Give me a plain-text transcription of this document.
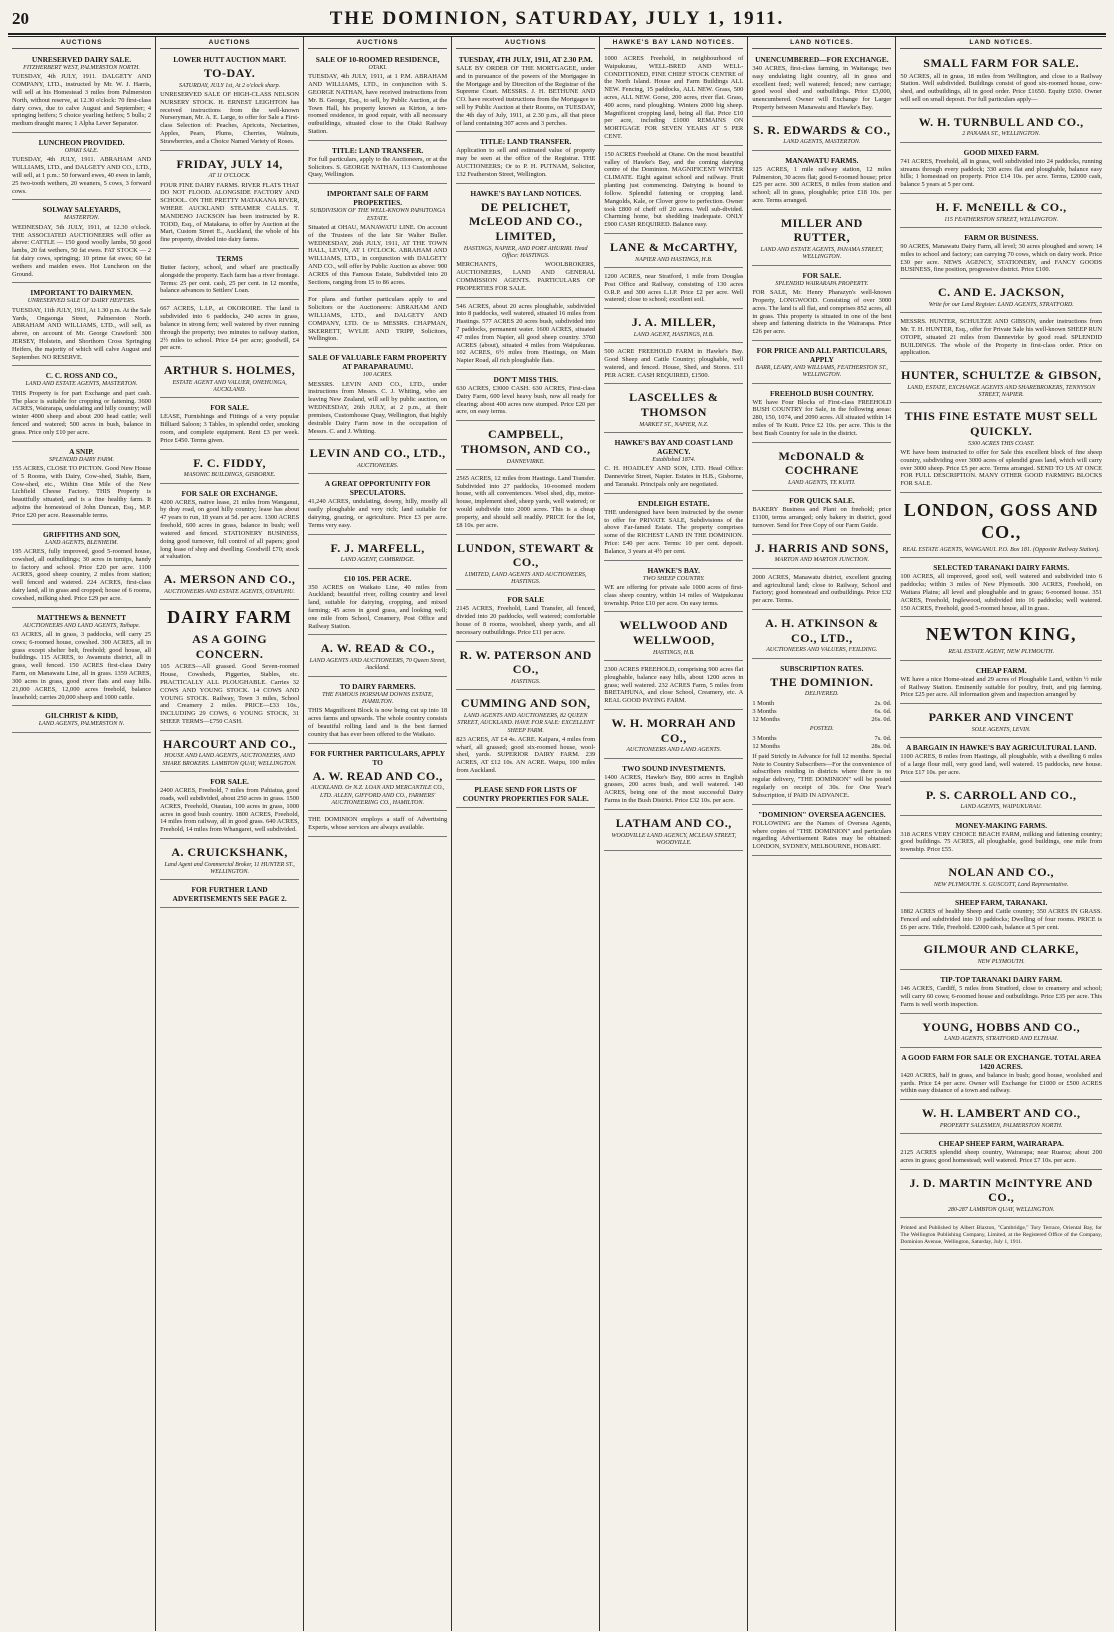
20	THE DOMINION, SATURDAY, JULY 1, 1911.
AUCTIONS
UNRESERVED DAIRY SALE.
FITZHERBERT WEST, PALMERSTON NORTH.

TUESDAY, 4th JULY, 1911. DALGETY AND COMPANY, LTD., instructed by Mr. W. J. Harris, will sell at his Homestead 3 miles from Palmerston North, without reserve, at 12.30 o'clock: 70 first-class dairy cows, due to calve August and September; 4 springing heifers; 5 choice yearling heifers; 5 bulls; 2 medium draught mares; 1 Alpha Lever Separator.

LUNCHEON PROVIDED.
OPAKI SALE.

TUESDAY, 4th JULY, 1911. ABRAHAM AND WILLIAMS, LTD., and DALGETY AND CO., LTD., will sell, at 1 p.m.: 50 forward ewes, 40 ewes in lamb, 25 two-tooth wethers, 20 weaners, 5 cows, 3 forward cows.

SOLWAY SALEYARDS,
MASTERTON.

WEDNESDAY, 5th JULY, 1911, at 12.30 o'clock. THE ASSOCIATED AUCTIONEERS will offer as above: CATTLE — 150 good woolly lambs, 50 good lambs, 20 fat wethers, 50 fat ewes. FAT STOCK — 2 fat dairy cows, springing; 10 prime fat ewes; 60 fat wethers and maiden ewes. Hot Luncheon on the Ground.

IMPORTANT TO DAIRYMEN.
UNRESERVED SALE OF DAIRY HEIFERS.

TUESDAY, 11th JULY, 1911, At 1.30 p.m. At the Sale Yards, Ongaonga Street, Palmerston North. ABRAHAM AND WILLIAMS, LTD., will sell, as above, on account of Mr. George Crawford: 300 JERSEY, Holstein, and Shorthorn Cross Springing Heifers, the majority of which will calve August and September. NO RESERVE.

C. C. ROSS AND CO.,
LAND AND ESTATE AGENTS, MASTERTON.

THIS Property is for part Exchange and part cash. The place is suitable for cropping or fattening. 3600 ACRES, Wairarapa, undulating and hilly country; will winter 4000 sheep and about 200 head cattle; well fenced and watered; 500 acres in bush, balance in grass. Price only £10 per acre.

A SNIP.
SPLENDID DAIRY FARM.

155 ACRES, CLOSE TO PICTON. Good New House of 5 Rooms, with Dairy, Cow-shed, Stable, Barn, Cow-shed, etc., Within One Mile of the New Lichfield Cheese Factory. THIS Property is beautifully situated, and is a fine healthy farm. It adjoins the homestead of John Duncan, Esq., M.P. Price £20 per acre. Reasonable terms.

GRIFFITHS AND SON,
LAND AGENTS, BLENHEIM.

195 ACRES, fully improved, good 5-roomed house, cowshed, all outbuildings; 30 acres in turnips, handy to factory and school. Price £20 per acre. 1100 ACRES, good sheep country, 2 miles from station; well fenced and watered. 224 ACRES, first-class dairy land, all in grass and cropped; house of 6 rooms, cowshed, milking shed. Price £29 per acre.

MATTHEWS & BENNETT
AUCTIONEERS AND LAND AGENTS, Taihape.

63 ACRES, all in grass, 3 paddocks, will carry 25 cows; 6-roomed house, cowshed. 300 ACRES, all in grass except shelter belt, freehold; good house, all buildings. 115 ACRES, to Awamutu district, all in grass, well fenced. 150 ACRES first-class Dairy Farm, on Manawatu Line, all in grass. 1359 ACRES, 300 acres in grass, good river flats and easy hills. 21,000 ACRES, 12,000 acres freehold, balance leasehold; carries 20,000 sheep and 1000 cattle.

GILCHRIST & KIDD,
LAND AGENTS, PALMERSTON N.
AUCTIONS
LOWER HUTT AUCTION MART.
TO-DAY.
SATURDAY, JULY 1st, At 2 o'clock sharp.

UNRESERVED SALE OF HIGH-CLASS NELSON NURSERY STOCK. H. ERNEST LEIGHTON has received instructions from the well-known Nurseryman, Mr. A. E. Large, to offer for Sale a First-class Selection of: Peaches, Apricots, Nectarines, Apples, Pears, Plums, Cherries, Walnuts, Strawberries, and a Choice Named Variety of Roses.

FRIDAY, JULY 14,
AT 11 O'CLOCK.

FOUR FINE DAIRY FARMS. RIVER FLATS THAT DO NOT FLOOD. ALONGSIDE FACTORY AND SCHOOL. ON THE PRETTY MATAKANA RIVER, WHERE AUCKLAND STEAMER CALLS. T. MANDENO JACKSON has been instructed by R. TODD, Esq., of Matakana, to offer by Auction at the Mart, Custom Street E., Auckland, the whole of his fine property, divided into dairy farms.

TERMS

Butter factory, school, and wharf are practically alongside the property. Each farm has a river frontage. Terms: 25 per cent. cash, 25 per cent. in 12 months, balance advances to Settlers' Loan.

667 ACRES, L.I.P., at OKOROIRE. The land is subdivided into 6 paddocks, 240 acres in grass, balance in strong fern; well watered by river running through the property; two minutes to railway station, 2½ miles to school. Price £4 per acre; goodwill, £4 per acre.

ARTHUR S. HOLMES,
ESTATE AGENT AND VALUER, ONEHUNGA, AUCKLAND.
FOR SALE.

LEASE, Furnishings and Fittings of a very popular Billiard Saloon; 3 Tables, in splendid order, smoking room, and complete equipment. Rent £3 per week. Price £450. Terms given.

F. C. FIDDY,
MASONIC BUILDINGS, GISBORNE.
FOR SALE OR EXCHANGE.

4200 ACRES, native lease, 21 miles from Wanganui, by dray road, on good hilly country; lease has about 47 years to run, 18 years at 5d. per acre. 1300 ACRES freehold, 600 acres in grass, balance in bush; well watered and fenced. STATIONERY BUSINESS, doing good turnover, full control of all papers; good long lease of shop and dwelling. Goodwill £70; stock at valuation.

A. MERSON AND CO.,
AUCTIONEERS AND ESTATE AGENTS, OTAHUHU.
DAIRY FARM
AS A GOING CONCERN.

105 ACRES—All grassed. Good Seven-roomed House, Cowsheds, Piggeries, Stables, etc. PRACTICALLY ALL PLOUGHABLE. Carries 32 COWS AND YOUNG STOCK. 14 COWS AND YOUNG STOCK. Railway, Town 3 miles, School and Creamery 2 miles. PRICE—£33 10s., INCLUDING 29 COWS, 6 YOUNG STOCK, 31 SHEEP. TERMS—£750 CASH.

HARCOURT AND CO.,
HOUSE AND LAND AGENTS, AUCTIONEERS, AND SHARE BROKERS. LAMBTON QUAY, WELLINGTON.
FOR SALE.

2400 ACRES, Freehold, 7 miles from Pahiatua, good roads, well subdivided, about 250 acres in grass. 1500 ACRES, Freehold, Otautau, 100 acres in grass, 1000 acres in good bush country. 1800 ACRES, Freehold, 14 miles from railway, all in good grass. 640 ACRES, Freehold, 14 miles from Whangarei, well subdivided.

A. CRUICKSHANK,
Land Agent and Commercial Broker, 11 HUNTER ST., WELLINGTON.
FOR FURTHER LAND ADVERTISEMENTS SEE PAGE 2.
AUCTIONS
SALE OF 10-ROOMED RESIDENCE,
OTAKI.

TUESDAY, 4th JULY, 1911, at 1 P.M. ABRAHAM AND WILLIAMS, LTD., in conjunction with S. GEORGE NATHAN, have received instructions from Mr. B. George, Esq., to sell, by Public Auction, at the Town Hall, his property known as Kirton, a ten-roomed residence, in good repair, with all necessary outbuildings, situated close to the Otaki Railway Station.

TITLE: LAND TRANSFER.

For full particulars, apply to the Auctioneers, or at the Solicitors. S. GEORGE NATHAN, 113 Customhouse Quay, Wellington.

IMPORTANT SALE OF FARM PROPERTIES.
SUBDIVISION OF THE WELL-KNOWN PAPAITONGA ESTATE.

Situated at OHAU, MANAWATU LINE. On account of the Trustees of the late Sir Walter Buller. WEDNESDAY, 26th JULY, 1911, AT THE TOWN HALL, LEVIN, AT 1 O'CLOCK. ABRAHAM AND WILLIAMS, LTD., in conjunction with DALGETY AND CO., will offer by Public Auction as above: 900 ACRES of this Famous Estate, Subdivided into 20 Sections, ranging from 15 to 86 acres.

For plans and further particulars apply to and Solicitors or the Auctioneers: ABRAHAM AND WILLIAMS, LTD., and DALGETY AND COMPANY, LTD. Or to MESSRS. CHAPMAN, SKERRETT, WYLIE AND TRIPP, Solicitors, Wellington.

SALE OF VALUABLE FARM PROPERTY AT PARAPARAUMU.
100 ACRES.

MESSRS. LEVIN AND CO., LTD., under instructions from Messrs. C. J. Whiting, who are leaving New Zealand, will sell by public auction, on WEDNESDAY, 26th JULY, at 2 p.m., at their premises, Customhouse Quay, Wellington, that highly desirable Dairy Farm now in the occupation of Messrs. C. and J. Whiting.

LEVIN AND CO., LTD.,
AUCTIONEERS.
A GREAT OPPORTUNITY FOR SPECULATORS.

41,240 ACRES, undulating, downy, hilly, mostly all easily ploughable and very rich; land suitable for dairying, grazing, or agriculture. Price £3 per acre. Terms very easy.

F. J. MARFELL,
LAND AGENT, CAMBRIDGE.
£10 10S. PER ACRE.

350 ACRES on Waikato Line, 40 miles from Auckland; beautiful river, rolling country and level land, suitable for dairying, cropping, and mixed farming; 45 acres in good grass, and looking well; one mile from School, Creamery, Post Office and Railway Station.

A. W. READ & CO.,
LAND AGENTS AND AUCTIONEERS, 70 Queen Street, Auckland.
TO DAIRY FARMERS.
THE FAMOUS HORSHAM DOWNS ESTATE, HAMILTON.

THIS Magnificent Block is now being cut up into 18 acres farms and upwards. The whole country consists of beautiful rolling land and is the best farmed country that has ever been offered to the Waikato.

FOR FURTHER PARTICULARS, APPLY TO
A. W. READ AND CO.,
AUCKLAND. Or N.Z. LOAN AND MERCANTILE CO., LTD. ALLEN, GIFFORD AND CO., FARMERS' AUCTIONEERING CO., HAMILTON.

THE DOMINION employs a staff of Advertising Experts, whose services are always available.

AUCTIONS
TUESDAY, 4TH JULY, 1911, AT 2.30 P.M.

SALE BY ORDER OF THE MORTGAGEE, under and in pursuance of the powers of the Mortgagee in the Mortgage and by Direction of the Registrar of the Supreme Court. MESSRS. J. H. BETHUNE AND CO. have received instructions from the Mortgagee to sell by Public Auction at their Rooms, on TUESDAY, the 4th day of July, 1911, at 2.30 p.m., all that piece of land containing 307 acres and 3 perches.

TITLE: LAND TRANSFER.

Application to sell and estimated value of property may be seen at the office of the Registrar. THE AUCTIONEERS; Or to P. H. PUTNAM, Solicitor, 132 Featherston Street, Wellington.

HAWKE'S BAY LAND NOTICES.
DE PELICHET, McLEOD AND CO., LIMITED,
HASTINGS, NAPIER, AND PORT AHURIRI. Head Office: HASTINGS.

MERCHANTS, WOOLBROKERS, AUCTIONEERS, LAND AND GENERAL COMMISSION AGENTS. PARTICULARS OF PROPERTIES FOR SALE.

546 ACRES, about 20 acres ploughable, subdivided into 8 paddocks, well watered, situated 16 miles from Hastings. 577 ACRES 20 acres bush, subdivided into 7 paddocks, permanent water. 1600 ACRES, situated 47 miles from Napier, all good sheep country. 3760 ACRES (about), situated 4 miles from Waipukurau. 102 ACRES, 6½ miles from Hastings, on Main Napier Road, all rich ploughable flats.

DON'T MISS THIS.

630 ACRES, £3000 CASH. 630 ACRES, First-class Dairy Farm, 600 level heavy bush, now all ready for clearing; about 400 acres now stumped. Price £20 per acre, on easy terms.

CAMPBELL, THOMSON, AND CO.,
DANNEVIRKE.

2565 ACRES, 12 miles from Hastings. Land Transfer. Subdivided into 27 paddocks, 10-roomed modern house, with all conveniences. Wool shed, dip, motor-house, implement shed, sheep yards, well watered; or would subdivide into 2000 acres. This is a cheap property, and should sell readily. PRICE for the lot, £8 10s. per acre.

LUNDON, STEWART & CO.,
LIMITED, LAND AGENTS AND AUCTIONEERS, HASTINGS.
FOR SALE

2145 ACRES, Freehold, Land Transfer, all fenced, divided into 20 paddocks, well watered; comfortable house of 8 rooms, woolshed, sheep yards, and all necessary outbuildings. Price £11 per acre.

R. W. PATERSON AND CO.,
HASTINGS.
CUMMING AND SON,
LAND AGENTS AND AUCTIONEERS, 82 QUEEN STREET, AUCKLAND. HAVE FOR SALE: EXCELLENT SHEEP FARM.

823 ACRES, AT £4 4s. ACRE. Kaipara, 4 miles from wharf, all grassed; good six-roomed house, wool-shed, yards. SUPERIOR DAIRY FARM. 239 ACRES, AT £12 10s. AN ACRE. Waipu, 100 miles from Auckland.

PLEASE SEND FOR LISTS OF COUNTRY PROPERTIES FOR SALE.
HAWKE'S BAY LAND NOTICES.

1000 ACRES Freehold, in neighbourhood of Waipukurau, WELL-BRED AND WELL-CONDITIONED, FINE CHIEF STOCK CENTRE of the North Island. House and Farm Buildings ALL NEW. Fencing, 15 paddocks, ALL NEW. Grass, 500 acres, ALL NEW. Gorse, 200 acres, river flat. Grass, 400 acres, rand ploughing. Winters 2000 big sheep. Magnificent cropping land, being all flat. Price £10 per acre, including £1000 REMAINS ON MORTGAGE FOR SEVEN YEARS AT 5 PER CENT.

150 ACRES Freehold at Otane. On the most beautiful valley of Hawke's Bay, and the coming dairying centre of the Dominion. MAGNIFICENT WINTER CLIMATE. Eight against school and railway. Fruit planting just commencing. Dairying is bound to follow. Splendid fattening or cropping land. Mangolds, Kale, or Clover grow to perfection. Owner took £800 of cheff off 20 acres. Well sub-divided. Charming home, but shedding inadequate. ONLY £900 CASH REQUIRED. Balance easy.

LANE & McCARTHY,
NAPIER AND HASTINGS, H.B.

1200 ACRES, near Stratford, 1 mile from Douglas Post Office and Railway, consisting of 130 acres O.R.P. and 300 acres L.I.P. Price £2 per acre. Well watered; close to school; excellent soil.

J. A. MILLER,
LAND AGENT, HASTINGS, H.B.

500 ACRE FREEHOLD FARM in Hawke's Bay. Good Sheep and Cattle Country; ploughable, well watered, and fenced. House, Shed, and Stores. £11 PER ACRE. CASH REQUIRED, £1500.

LASCELLES & THOMSON
MARKET ST., NAPIER, N.Z.
HAWKE'S BAY AND COAST LAND AGENCY.
Established 1874.

C. H. HOADLEY AND SON, LTD. Head Office: Dannevirke Street, Napier. Estates in H.B., Gisborne, and Taranaki. Principals only are negotiated.

ENDLEIGH ESTATE.

THE undersigned have been instructed by the owner to offer for PRIVATE SALE, Subdivisions of the above Far-famed Estate. The property comprises some of the RICHEST LAND IN THE DOMINION. Price: £40 per acre. Terms: 10 per cent. deposit. Balance, 3 years at 4½ per cent.

HAWKE'S BAY.
TWO SHEEP COUNTRY.

WE are offering for private sale 1000 acres of first-class sheep country, within 14 miles of Waipukurau township. Price £10 per acre. On easy terms.

WELLWOOD AND WELLWOOD,
HASTINGS, H.B.

2300 ACRES FREEHOLD, comprising 900 acres flat ploughable, balance easy hills, about 1200 acres in grass; well watered. 232 ACRES Farm, 5 miles from BRETAHUNA, and close School, Creamery, etc. A REAL GOOD PAYING FARM.

W. H. MORRAH AND CO.,
AUCTIONEERS AND LAND AGENTS.
TWO SOUND INVESTMENTS.

1400 ACRES, Hawke's Bay, 800 acres in English grasses, 200 acres bush, and well watered. 140 ACRES, being one of the most successful Dairy Farms in the Bush District. Price £32 10s. per acre.

LATHAM AND CO.,
WOODVILLE LAND AGENCY, MCLEAN STREET, WOODVILLE.
LAND NOTICES.
UNENCUMBERED—FOR EXCHANGE.

340 ACRES, first-class farming, in Waitaraga; two easy undulating light country, all in grass and excellent feed; well watered; fenced; new carriage; good wool shed and outbuildings. Price £3,000, unencumbered. Owner will Exchange for Larger Property between Manawatu and Hawke's Bay.

S. R. EDWARDS & CO.,
LAND AGENTS, MASTERTON.
MANAWATU FARMS.

125 ACRES, 1 mile railway station, 12 miles Palmerston, 30 acres flat; good 6-roomed house; price £25 per acre. 300 ACRES, 8 miles from station and school; all in grass, ploughable; price £18 10s. per acre. Terms arranged.

MILLER AND RUTTER,
LAND AND ESTATE AGENTS, PANAMA STREET, WELLINGTON.
FOR SALE.
SPLENDID WAIRARAPA PROPERTY.

FOR SALE, Mr. Henry Pharazyn's well-known Property, LONGWOOD. Consisting of over 3000 acres. The land is all flat, and comprises 852 acres, all in grass. This property is situated in one of the best sheep and fattening districts in the Wairarapa. Price £26 per acre.

FOR PRICE AND ALL PARTICULARS, APPLY
BARR, LEARY, AND WILLIAMS, FEATHERSTON ST., WELLINGTON.
FREEHOLD BUSH COUNTRY.

WE have Four Blocks of First-class FREEHOLD BUSH COUNTRY for Sale, in the following areas: 280, 150, 1074, and 2090 acres. All situated within 14 miles of Te Kuiti. Price £2 10s. per acre. This is the best Bush Country for sale in the district.

McDONALD & COCHRANE
LAND AGENTS, TE KUITI.
FOR QUICK SALE.

BAKERY Business and Plant on freehold; price £1100, terms arranged; only bakery in district, good turnover. Send for Free Copy of our Farm Guide.

J. HARRIS AND SONS,
MARTON AND MARTON JUNCTION.

2000 ACRES, Manawatu district, excellent grazing and agricultural land; close to Railway, School and Factory; good homestead and outbuildings. Price £32 per acre. Terms.

A. H. ATKINSON & CO., LTD.,
AUCTIONEERS AND VALUERS, FEILDING.
SUBSCRIPTION RATES.
THE DOMINION.
DELIVERED.
1 Month	2s. 0d.
3 Months	6s. 6d.
12 Months	26s. 0d.
POSTED.
3 Months	7s. 0d.
12 Months	28s. 0d.

If paid Strictly in Advance for full 12 months. Special Note to Country Subscribers—For the convenience of subscribers residing in districts where there is no regular delivery, "THE DOMINION" will be posted regularly on receipt of 30s. for One Year's Subscription, if PAID IN ADVANCE.

"DOMINION" OVERSEA AGENCIES.

FOLLOWING are the Names of Oversea Agents, where copies of "THE DOMINION" and particulars regarding Advertisement Rates may be obtained: LONDON, SYDNEY, MELBOURNE, HOBART.

LAND NOTICES.
SMALL FARM FOR SALE.

50 ACRES, all in grass, 18 miles from Wellington, and close to a Railway Station. Well subdivided. Buildings consist of good six-roomed house, cow-shed, and outbuildings, all in good order. Price £1650. Equity £650. Owner will sell on small deposit. For full particulars apply—

W. H. TURNBULL AND CO.,
2 PANAMA ST., WELLINGTON.
GOOD MIXED FARM.

741 ACRES, Freehold, all in grass, well subdivided into 24 paddocks, running streams through every paddock; 330 acres flat and ploughable, balance easy hills; 1 homestead on property. Price £14 10s. per acre. Terms, £2000 cash, balance 5 years at 5 per cent.

H. F. McNEILL & CO.,
115 FEATHERSTON STREET, WELLINGTON.
FARM OR BUSINESS.

90 ACRES, Manawatu Dairy Farm, all level; 30 acres ploughed and sown; 14 miles to school and factory; can carrying 70 cows, which on dairy work. Price £30 per acre. NEWS AGENCY, STATIONERY, and FANCY GOODS BUSINESS, fine position, progressive district. Price £100.

C. AND E. JACKSON,
Write for our Land Register. LAND AGENTS, STRATFORD.

MESSRS. HUNTER, SCHULTZE AND GIBSON, under instructions from Mr. T. H. HUNTER, Esq., offer for Private Sale his well-known SHEEP RUN OTOPE, situated 21 miles from Dannevirke by good road. SPLENDID BUILDINGS. The whole of the Property in first-class order. Price on application.

HUNTER, SCHULTZE & GIBSON,
LAND, ESTATE, EXCHANGE AGENTS AND SHAREBROKERS, TENNYSON STREET, NAPIER.
THIS FINE ESTATE MUST SELL QUICKLY.
5300 ACRES THIS COAST.

WE have been instructed to offer for Sale this excellent block of fine sheep country, subdividing over 3000 acres of splendid grass land, which will carry over 3000 sheep. Price £5 per acre. Terms arranged. SEND TO US AT ONCE FOR FULL DESCRIPTION. MANY OTHER GOOD FARMING BLOCKS FOR SALE.

LONDON, GOSS AND CO.,
REAL ESTATE AGENTS, WANGANUI. P.O. Box 181. (Opposite Railway Station).
SELECTED TARANAKI DAIRY FARMS.

100 ACRES, all improved, good soil, well watered and subdivided into 6 paddocks; within 3 miles of New Plymouth. 300 ACRES, Freehold, on Waitara Plains; all level and ploughable and in grass; 6-roomed house. 351 ACRES, Freehold, Inglewood, subdivided into 16 paddocks; well watered. 150 ACRES, Freehold, good 5-roomed house, all in grass.

NEWTON KING,
REAL ESTATE AGENT, NEW PLYMOUTH.
CHEAP FARM.

WE have a nice Home-stead and 29 acres of Ploughable Land, within ½ mile of Railway Station. Eminently suitable for poultry, fruit, and pig farming. Price £25 per acre. All information given and inspection arranged by

PARKER AND VINCENT
SOLE AGENTS, LEVIN.
A BARGAIN IN HAWKE'S BAY AGRICULTURAL LAND.

1100 ACRES, 8 miles from Hastings, all ploughable, with a dwelling 6 miles of a large flour mill, very good land, well watered. 15 paddocks, new house. Price £17 10s. per acre.

P. S. CARROLL AND CO.,
LAND AGENTS, WAIPUKURAU.
MONEY-MAKING FARMS.

318 ACRES VERY CHOICE BEACH FARM, milking and fattening country; good buildings. 75 ACRES, all ploughable, good buildings, one mile from township. Price £55.

NOLAN AND CO.,
NEW PLYMOUTH. S. GUSCOTT, Land Representative.
SHEEP FARM, TARANAKI.

1882 ACRES of healthy Sheep and Cattle country; 350 ACRES IN GRASS. Fenced and subdivided into 10 paddocks; Dwelling of four rooms. PRICE is £6 per acre. Title, Freehold. £2000 cash, balance at 5 per cent.

GILMOUR AND CLARKE,
NEW PLYMOUTH.
TIP-TOP TARANAKI DAIRY FARM.

146 ACRES, Cardiff, 5 miles from Stratford, close to creamery and school; will carry 60 cows; 6-roomed house and outbuildings. Price £35 per acre. This Farm is well worth inspection.

YOUNG, HOBBS AND CO.,
LAND AGENTS, STRATFORD AND ELTHAM.
A GOOD FARM FOR SALE OR EXCHANGE. TOTAL AREA 1420 ACRES.

1420 ACRES, half in grass, and balance in bush; good house, woolshed and yards. Price £4 per acre. Owner will Exchange for £1000 or £500 ACRES within easy distance of a town and railway.

W. H. LAMBERT AND CO.,
PROPERTY SALESMEN, PALMERSTON NORTH.
CHEAP SHEEP FARM, WAIRARAPA.

2125 ACRES splendid sheep country, Wairarapa; near Ruaroa; about 200 acres in grass; good homestead; well watered. Price £7 10s. per acre.

J. D. MARTIN McINTYRE AND CO.,
280-287 LAMBTON QUAY, WELLINGTON.
Printed and Published by Albert Blaxton, "Cambridge," Tory Terrace, Oriental Bay, for The Wellington Publishing Company, Limited, at the Registered Office of the Company, Dominion Avenue, Wellington, Saturday, July 1, 1911.
